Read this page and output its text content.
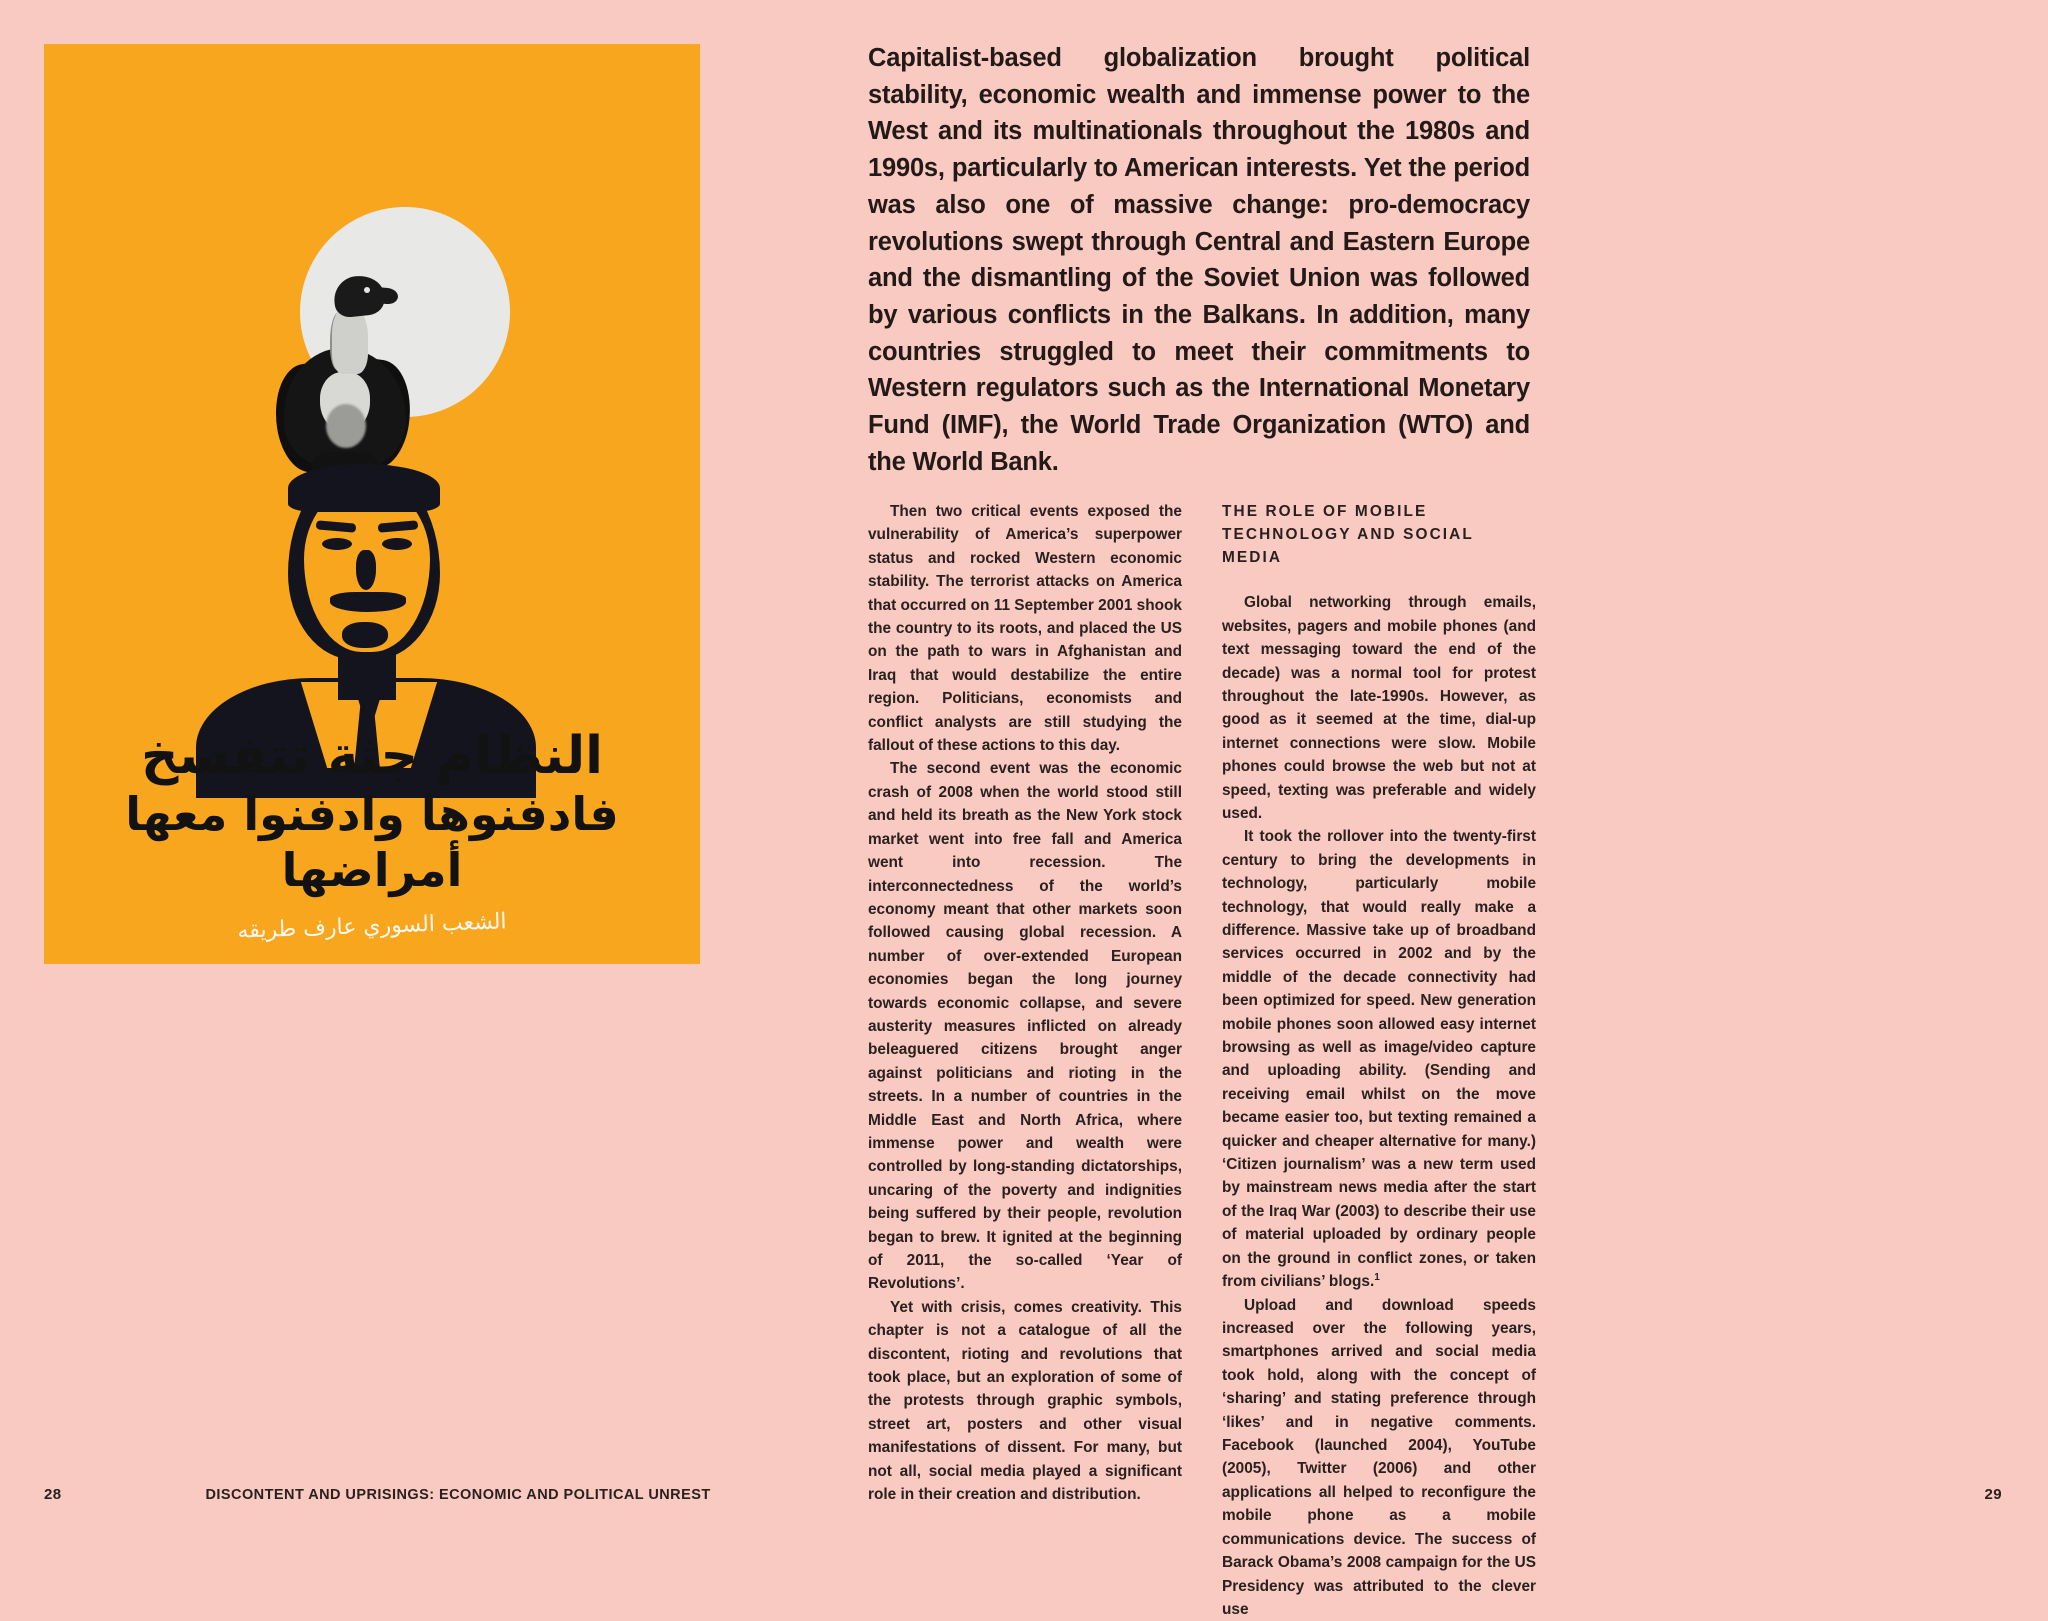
النظام جثة تتفسخ
فادفنوها وادفنوا معها أمراضها
الشعب السوري عارف طريقه
28	DISCONTENT AND UPRISINGS: ECONOMIC AND POLITICAL UNREST
Capitalist-based globalization brought political stability, economic wealth and immense power to the West and its multinationals throughout the 1980s and 1990s, particularly to American interests. Yet the period was also one of massive change: pro-democracy revolutions swept through Central and Eastern Europe and the dismantling of the Soviet Union was followed by various conflicts in the Balkans. In addition, many countries struggled to meet their commitments to Western regulators such as the International Monetary Fund (IMF), the World Trade Organization (WTO) and the World Bank.

Then two critical events exposed the vulnerability of America’s superpower status and rocked Western economic stability. The terrorist attacks on America that occurred on 11 September 2001 shook the country to its roots, and placed the US on the path to wars in Afghanistan and Iraq that would destabilize the entire region. Politicians, economists and conflict analysts are still studying the fallout of these actions to this day.

The second event was the economic crash of 2008 when the world stood still and held its breath as the New York stock market went into free fall and America went into recession. The interconnectedness of the world’s economy meant that other markets soon followed causing global recession. A number of over-extended European economies began the long journey towards economic collapse, and severe austerity measures inflicted on already beleaguered citizens brought anger against politicians and rioting in the streets. In a number of countries in the Middle East and North Africa, where immense power and wealth were controlled by long-standing dictatorships, uncaring of the poverty and indignities being suffered by their people, revolution began to brew. It ignited at the beginning of 2011, the so-called ‘Year of Revolutions’.

Yet with crisis, comes creativity. This chapter is not a catalogue of all the discontent, rioting and revolutions that took place, but an exploration of some of the protests through graphic symbols, street art, posters and other visual manifestations of dissent. For many, but not all, social media played a significant role in their creation and distribution.

THE ROLE OF MOBILE TECHNOLOGY AND SOCIAL MEDIA

Global networking through emails, websites, pagers and mobile phones (and text messaging toward the end of the decade) was a normal tool for protest throughout the late-1990s. However, as good as it seemed at the time, dial-up internet connections were slow. Mobile phones could browse the web but not at speed, texting was preferable and widely used.

It took the rollover into the twenty-first century to bring the developments in technology, particularly mobile technology, that would really make a difference. Massive take up of broadband services occurred in 2002 and by the middle of the decade connectivity had been optimized for speed. New generation mobile phones soon allowed easy internet browsing as well as image/video capture and uploading ability. (Sending and receiving email whilst on the move became easier too, but texting remained a quicker and cheaper alternative for many.) ‘Citizen journalism’ was a new term used by mainstream news media after the start of the Iraq War (2003) to describe their use of material uploaded by ordinary people on the ground in conflict zones, or taken from civilians’ blogs.$^1$

Upload and download speeds increased over the following years, smartphones arrived and social media took hold, along with the concept of ‘sharing’ and stating preference through ‘likes’ and in negative comments. Facebook (launched 2004), YouTube (2005), Twitter (2006) and other applications all helped to reconfigure the mobile phone as a mobile communications device. The success of Barack Obama’s 2008 campaign for the US Presidency was attributed to the clever use

29
